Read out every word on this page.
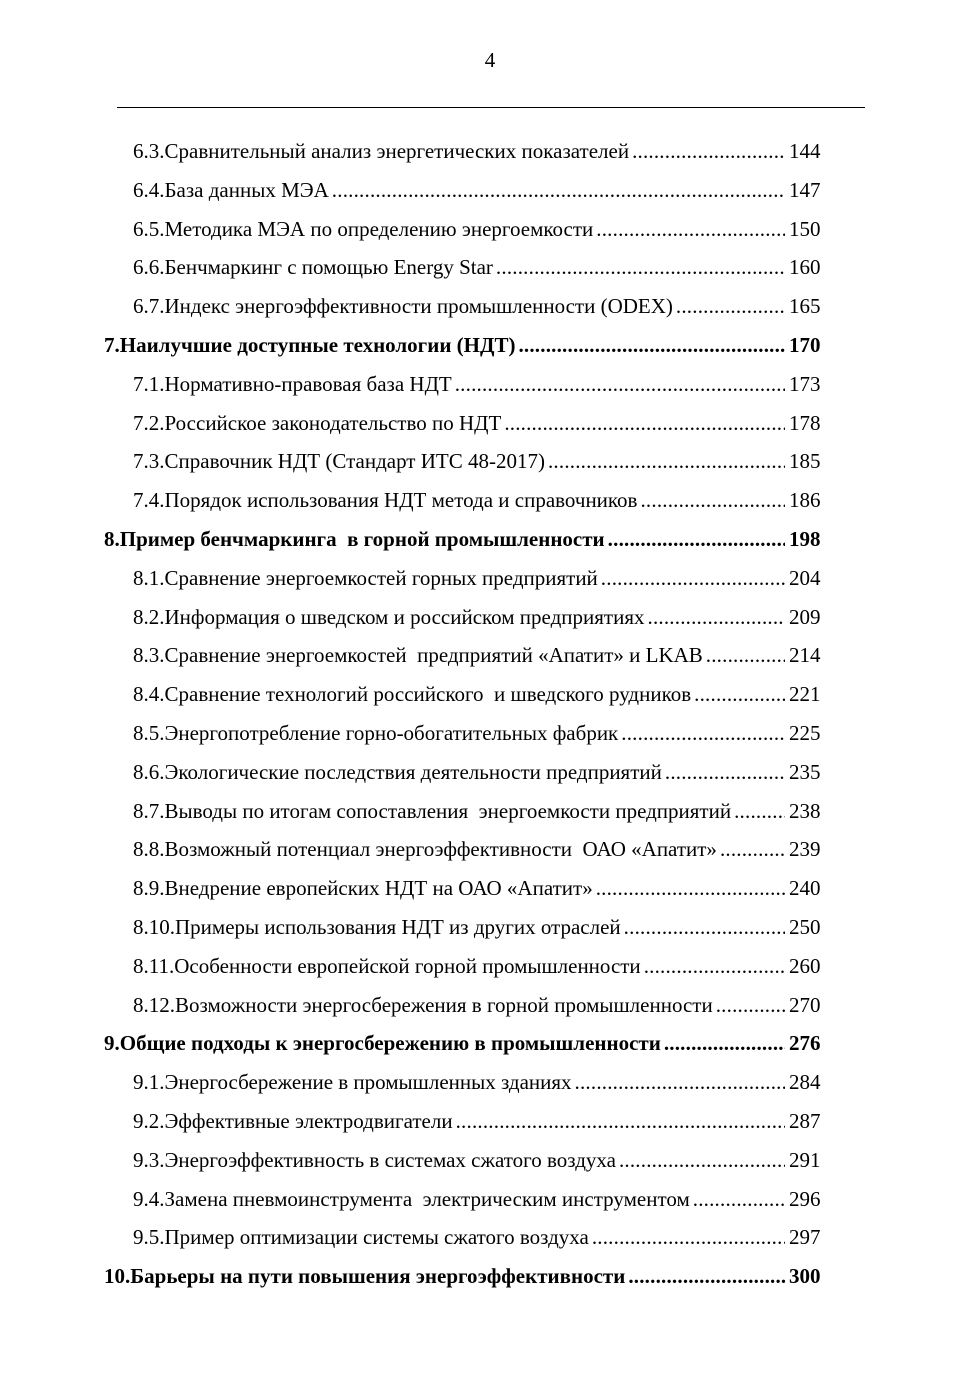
4
6.3. Сравнительный анализ энергетических показателей .....	144
6.4. База данных МЭА .....	147
6.5. Методика МЭА по определению энергоемкости .....	150
6.6. Бенчмаркинг с помощью Energy Star .....	160
6.7. Индекс энергоэффективности промышленности (ODEX) .....	165
7. Наилучшие доступные технологии (НДТ) .....	170
7.1. Нормативно-правовая база НДТ .....	173
7.2. Российское законодательство по НДТ .....	178
7.3. Справочник НДТ (Стандарт ИТС 48-2017) .....	185
7.4. Порядок использования НДТ метода и справочников .....	186
8. Пример бенчмаркинга  в горной промышленности .....	198
8.1. Сравнение энергоемкостей горных предприятий .....	204
8.2. Информация о шведском и российском предприятиях .....	209
8.3. Сравнение энергоемкостей  предприятий «Апатит» и LKAB .....	214
8.4. Сравнение технологий российского  и шведского рудников .....	221
8.5. Энергопотребление горно-обогатительных фабрик .....	225
8.6. Экологические последствия деятельности предприятий .....	235
8.7. Выводы по итогам сопоставления  энергоемкости предприятий .....	238
8.8. Возможный потенциал энергоэффективности  ОАО «Апатит» .....	239
8.9. Внедрение европейских НДТ на ОАО «Апатит» .....	240
8.10. Примеры использования НДТ из других отраслей .....	250
8.11. Особенности европейской горной промышленности .....	260
8.12. Возможности энергосбережения в горной промышленности .....	270
9. Общие подходы к энергосбережению в промышленности .....	276
9.1. Энергосбережение в промышленных зданиях .....	284
9.2. Эффективные электродвигатели .....	287
9.3. Энергоэффективность в системах сжатого воздуха .....	291
9.4. Замена пневмоинструмента  электрическим инструментом .....	296
9.5. Пример оптимизации системы сжатого воздуха .....	297
10. Барьеры на пути повышения энергоэффективности .....	300
